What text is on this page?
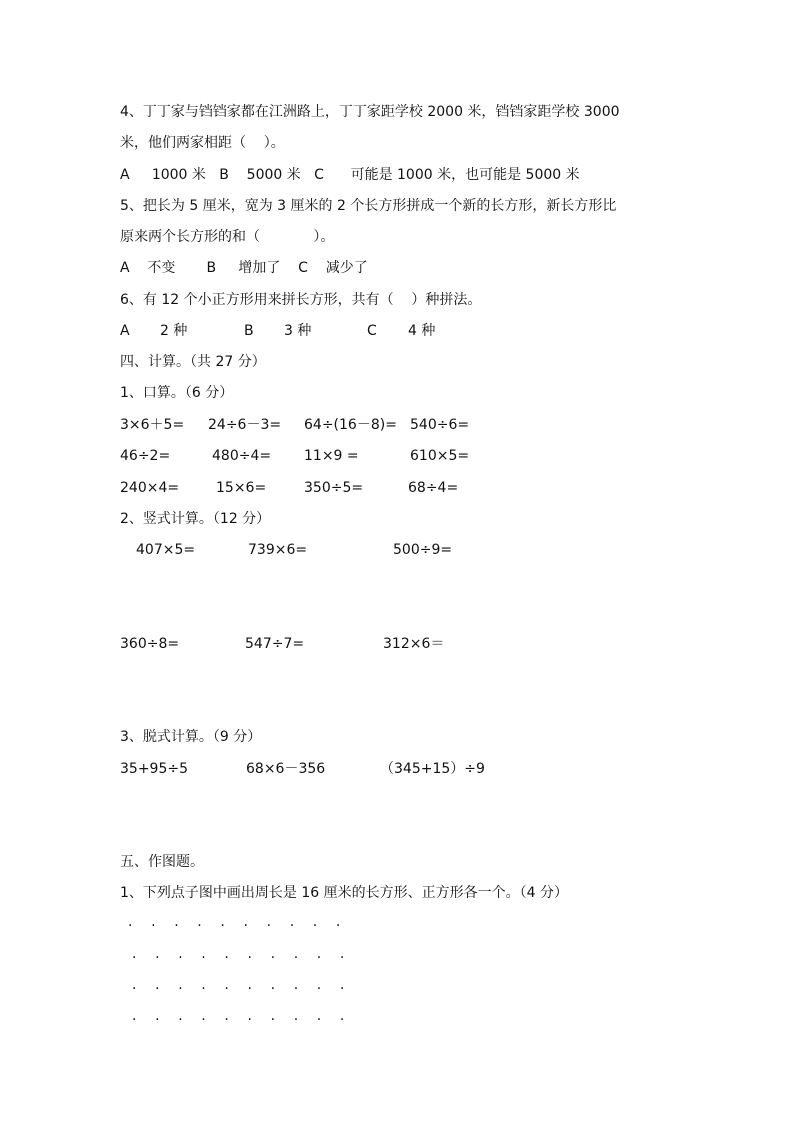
4、丁丁家与铛铛家都在江洲路上，丁丁家距学校 2000 米，铛铛家距学校 3000
米，他们两家相距（    ）。
A     1000 米   B    5000 米   C      可能是 1000 米，也可能是 5000 米
5、把长为 5 厘米，宽为 3 厘米的 2 个长方形拼成一个新的长方形，新长方形比
原来两个长方形的和（            ）。
A    不变       B     增加了    C    减少了
6、有 12 个小正方形用来拼长方形，共有（    ）种拼法。
A 2 种	B 3 种	C 4 种
四、计算。（共 27 分）
1、口算。（6 分）
3×6＋5= 24÷6－3= 64÷(16－8)= 540÷6=
46÷2=	480÷4= 11×9 =	610×5=
240×4=	15×6=	350÷5=	68÷4=
2、竖式计算。（12 分）
407×5=	739×6=	500÷9=
360÷8=	547÷7=	312×6＝
3、脱式计算。（9 分）
35+95÷5	68×6－356	（345+15）÷9
五、作图题。
1、下列点子图中画出周长是 16 厘米的长方形、正方形各一个。（4 分）
. . . . . . . . . .
. . . . . . . . . .
. . . . . . . . . .
. . . . . . . . . .
